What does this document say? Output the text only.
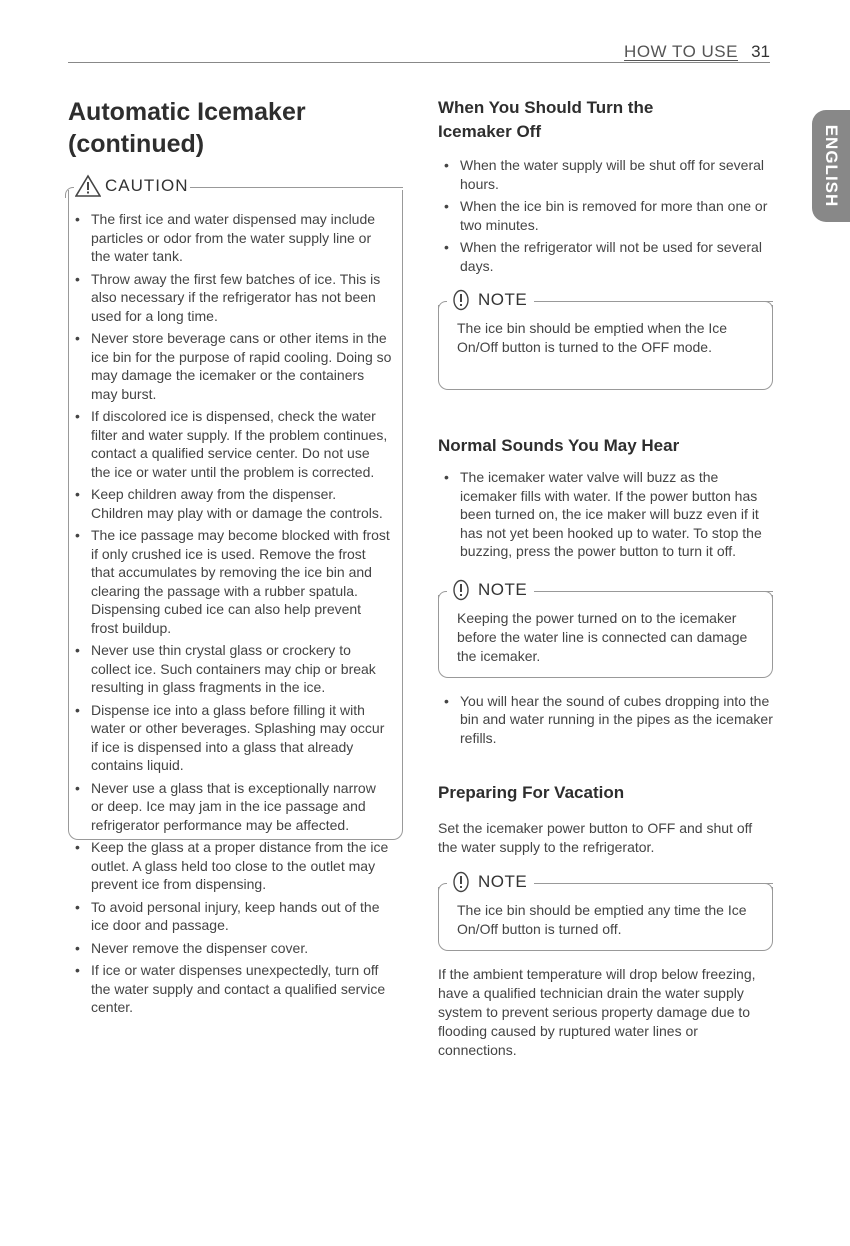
HOW TO USE 31
ENGLISH
Automatic Icemaker
(continued)
CAUTION
• The first ice and water dispensed may include particles or odor from the water supply line or the water tank.
• Throw away the first few batches of ice. This is also necessary if the refrigerator has not been used for a long time.
• Never store beverage cans or other items in the ice bin for the purpose of rapid cooling. Doing so may damage the icemaker or the containers may burst.
• If discolored ice is dispensed, check the water filter and water supply. If the problem continues, contact a qualified service center. Do not use the ice or water until the problem is corrected.
• Keep children away from the dispenser. Children may play with or damage the controls.
• The ice passage may become blocked with frost if only crushed ice is used. Remove the frost that accumulates by removing the ice bin and clearing the passage with a rubber spatula. Dispensing cubed ice can also help prevent frost buildup.
• Never use thin crystal glass or crockery to collect ice. Such containers may chip or break resulting in glass fragments in the ice.
• Dispense ice into a glass before filling it with water or other beverages. Splashing may occur if ice is dispensed into a glass that already contains liquid.
• Never use a glass that is exceptionally narrow or deep. Ice may jam in the ice passage and refrigerator performance may be affected.
• Keep the glass at a proper distance from the ice outlet. A glass held too close to the outlet may prevent ice from dispensing.
• To avoid personal injury, keep hands out of the ice door and passage.
• Never remove the dispenser cover.
• If ice or water dispenses unexpectedly, turn off the water supply and contact a qualified service center.
When You Should Turn the
Icemaker Off
• When the water supply will be shut off for several hours.
• When the ice bin is removed for more than one or two minutes.
• When the refrigerator will not be used for several days.
NOTE
The ice bin should be emptied when the Ice On/Off button is turned to the OFF mode.
Normal Sounds You May Hear
• The icemaker water valve will buzz as the icemaker fills with water. If the power button has been turned on, the ice maker will buzz even if it has not yet been hooked up to water. To stop the buzzing, press the power button to turn it off.
NOTE
Keeping the power turned on to the icemaker before the water line is connected can damage the icemaker.
• You will hear the sound of cubes dropping into the bin and water running in the pipes as the icemaker refills.
Preparing For Vacation

Set the icemaker power button to OFF and shut off the water supply to the refrigerator.

NOTE
The ice bin should be emptied any time the Ice On/Off button is turned off.

If the ambient temperature will drop below freezing, have a qualified technician drain the water supply system to prevent serious property damage due to flooding caused by ruptured water lines or connections.
